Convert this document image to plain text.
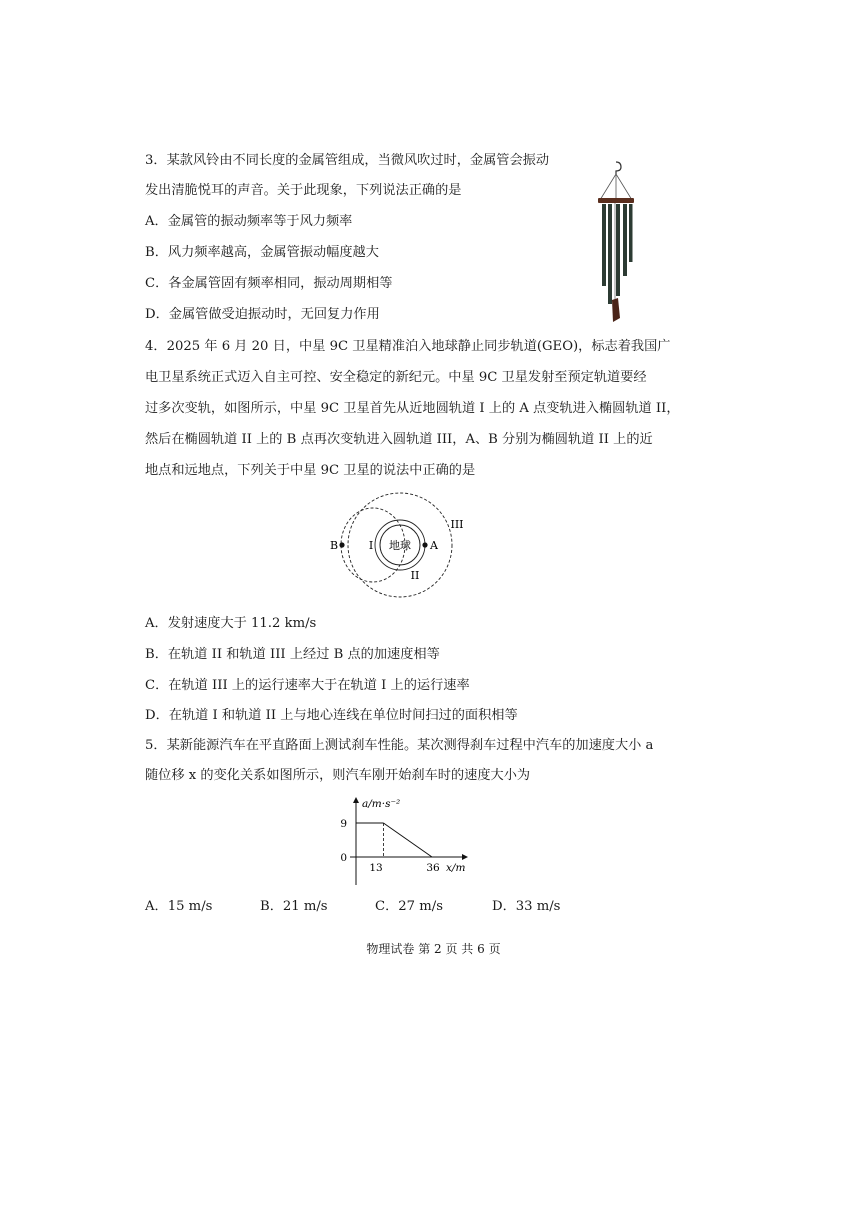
3．某款风铃由不同长度的金属管组成，当微风吹过时，金属管会振动
发出清脆悦耳的声音。关于此现象，下列说法正确的是
A．金属管的振动频率等于风力频率
B．风力频率越高，金属管振动幅度越大
C．各金属管固有频率相同，振动周期相等
D．金属管做受迫振动时，无回复力作用
4．2025 年 6 月 20 日，中星 9C 卫星精准泊入地球静止同步轨道(GEO)，标志着我国广
电卫星系统正式迈入自主可控、安全稳定的新纪元。中星 9C 卫星发射至预定轨道要经
过多次变轨，如图所示，中星 9C 卫星首先从近地圆轨道 I 上的 A 点变轨进入椭圆轨道 II，
然后在椭圆轨道 II 上的 B 点再次变轨进入圆轨道 III，A、B 分别为椭圆轨道 II 上的近
地点和远地点，下列关于中星 9C 卫星的说法中正确的是
地球
I
II
III
A
B
A．发射速度大于 11.2 km/s
B．在轨道 II 和轨道 III 上经过 B 点的加速度相等
C．在轨道 III 上的运行速率大于在轨道 I 上的运行速率
D．在轨道 I 和轨道 II 上与地心连线在单位时间扫过的面积相等
5．某新能源汽车在平直路面上测试刹车性能。某次测得刹车过程中汽车的加速度大小 a
随位移 x 的变化关系如图所示，则汽车刚开始刹车时的速度大小为
a/m·s⁻²
9
0
13	36 x/m
A．15 m/s	B．21 m/s	C．27 m/s	D．33 m/s
物理试卷 第 2 页 共 6 页
